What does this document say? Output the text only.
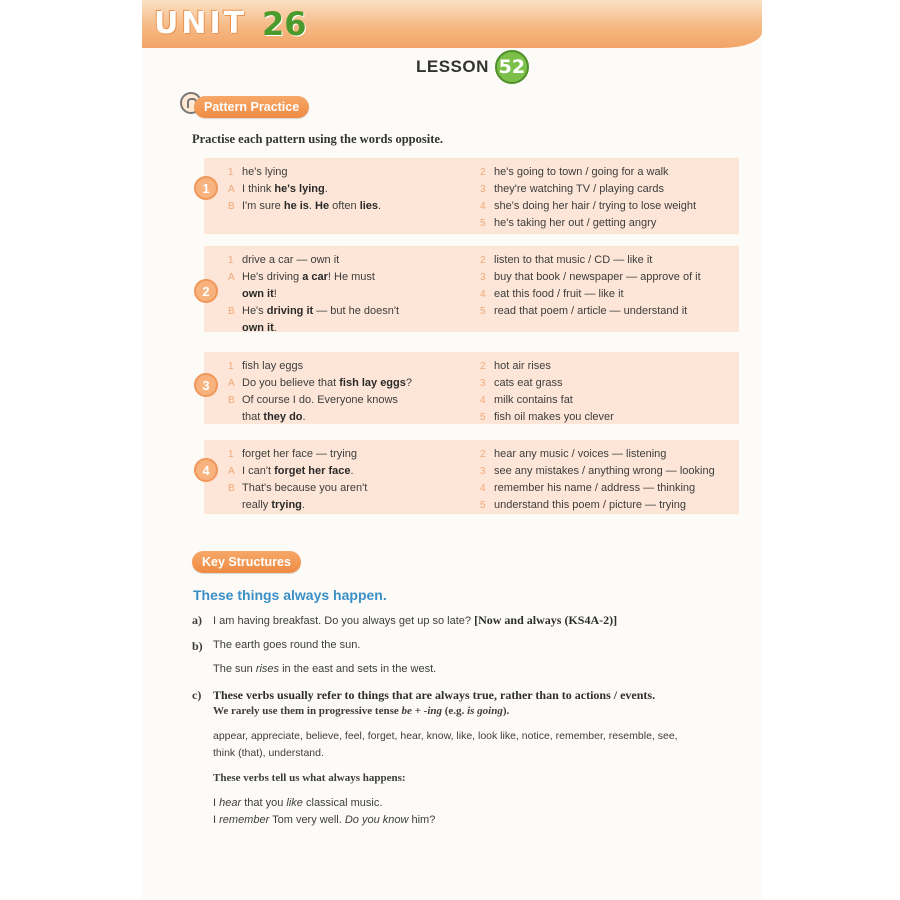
UNIT 26
LESSON 52
Pattern Practice
Practise each pattern using the words opposite.
1 he's lying
A I think he's lying.
B I'm sure he is. He often lies.
2 he's going to town / going for a walk
3 they're watching TV / playing cards
4 she's doing her hair / trying to lose weight
5 he's taking her out / getting angry
1
1 drive a car — own it
A He's driving a car! He must
own it!
B He's driving it — but he doesn't
own it.
2 listen to that music / CD — like it
3 buy that book / newspaper — approve of it
4 eat this food / fruit — like it
5 read that poem / article — understand it
2
1 fish lay eggs
A Do you believe that fish lay eggs?
B Of course I do. Everyone knows
that they do.
2 hot air rises
3 cats eat grass
4 milk contains fat
5 fish oil makes you clever
3
1 forget her face — trying
A I can't forget her face.
B That's because you aren't
really trying.
2 hear any music / voices — listening
3 see any mistakes / anything wrong — looking
4 remember his name / address — thinking
5 understand this poem / picture — trying
4
Key Structures
These things always happen.
a)	I am having breakfast. Do you always get up so late? [Now and always (KS4A-2)]
b) The earth goes round the sun.
The sun rises in the east and sets in the west.
c) These verbs usually refer to things that are always true, rather than to actions / events.
We rarely use them in progressive tense be + -ing (e.g. is going).
appear, appreciate, believe, feel, forget, hear, know, like, look like, notice, remember, resemble, see,
think (that), understand.
These verbs tell us what always happens:
I hear that you like classical music.
I remember Tom very well. Do you know him?
